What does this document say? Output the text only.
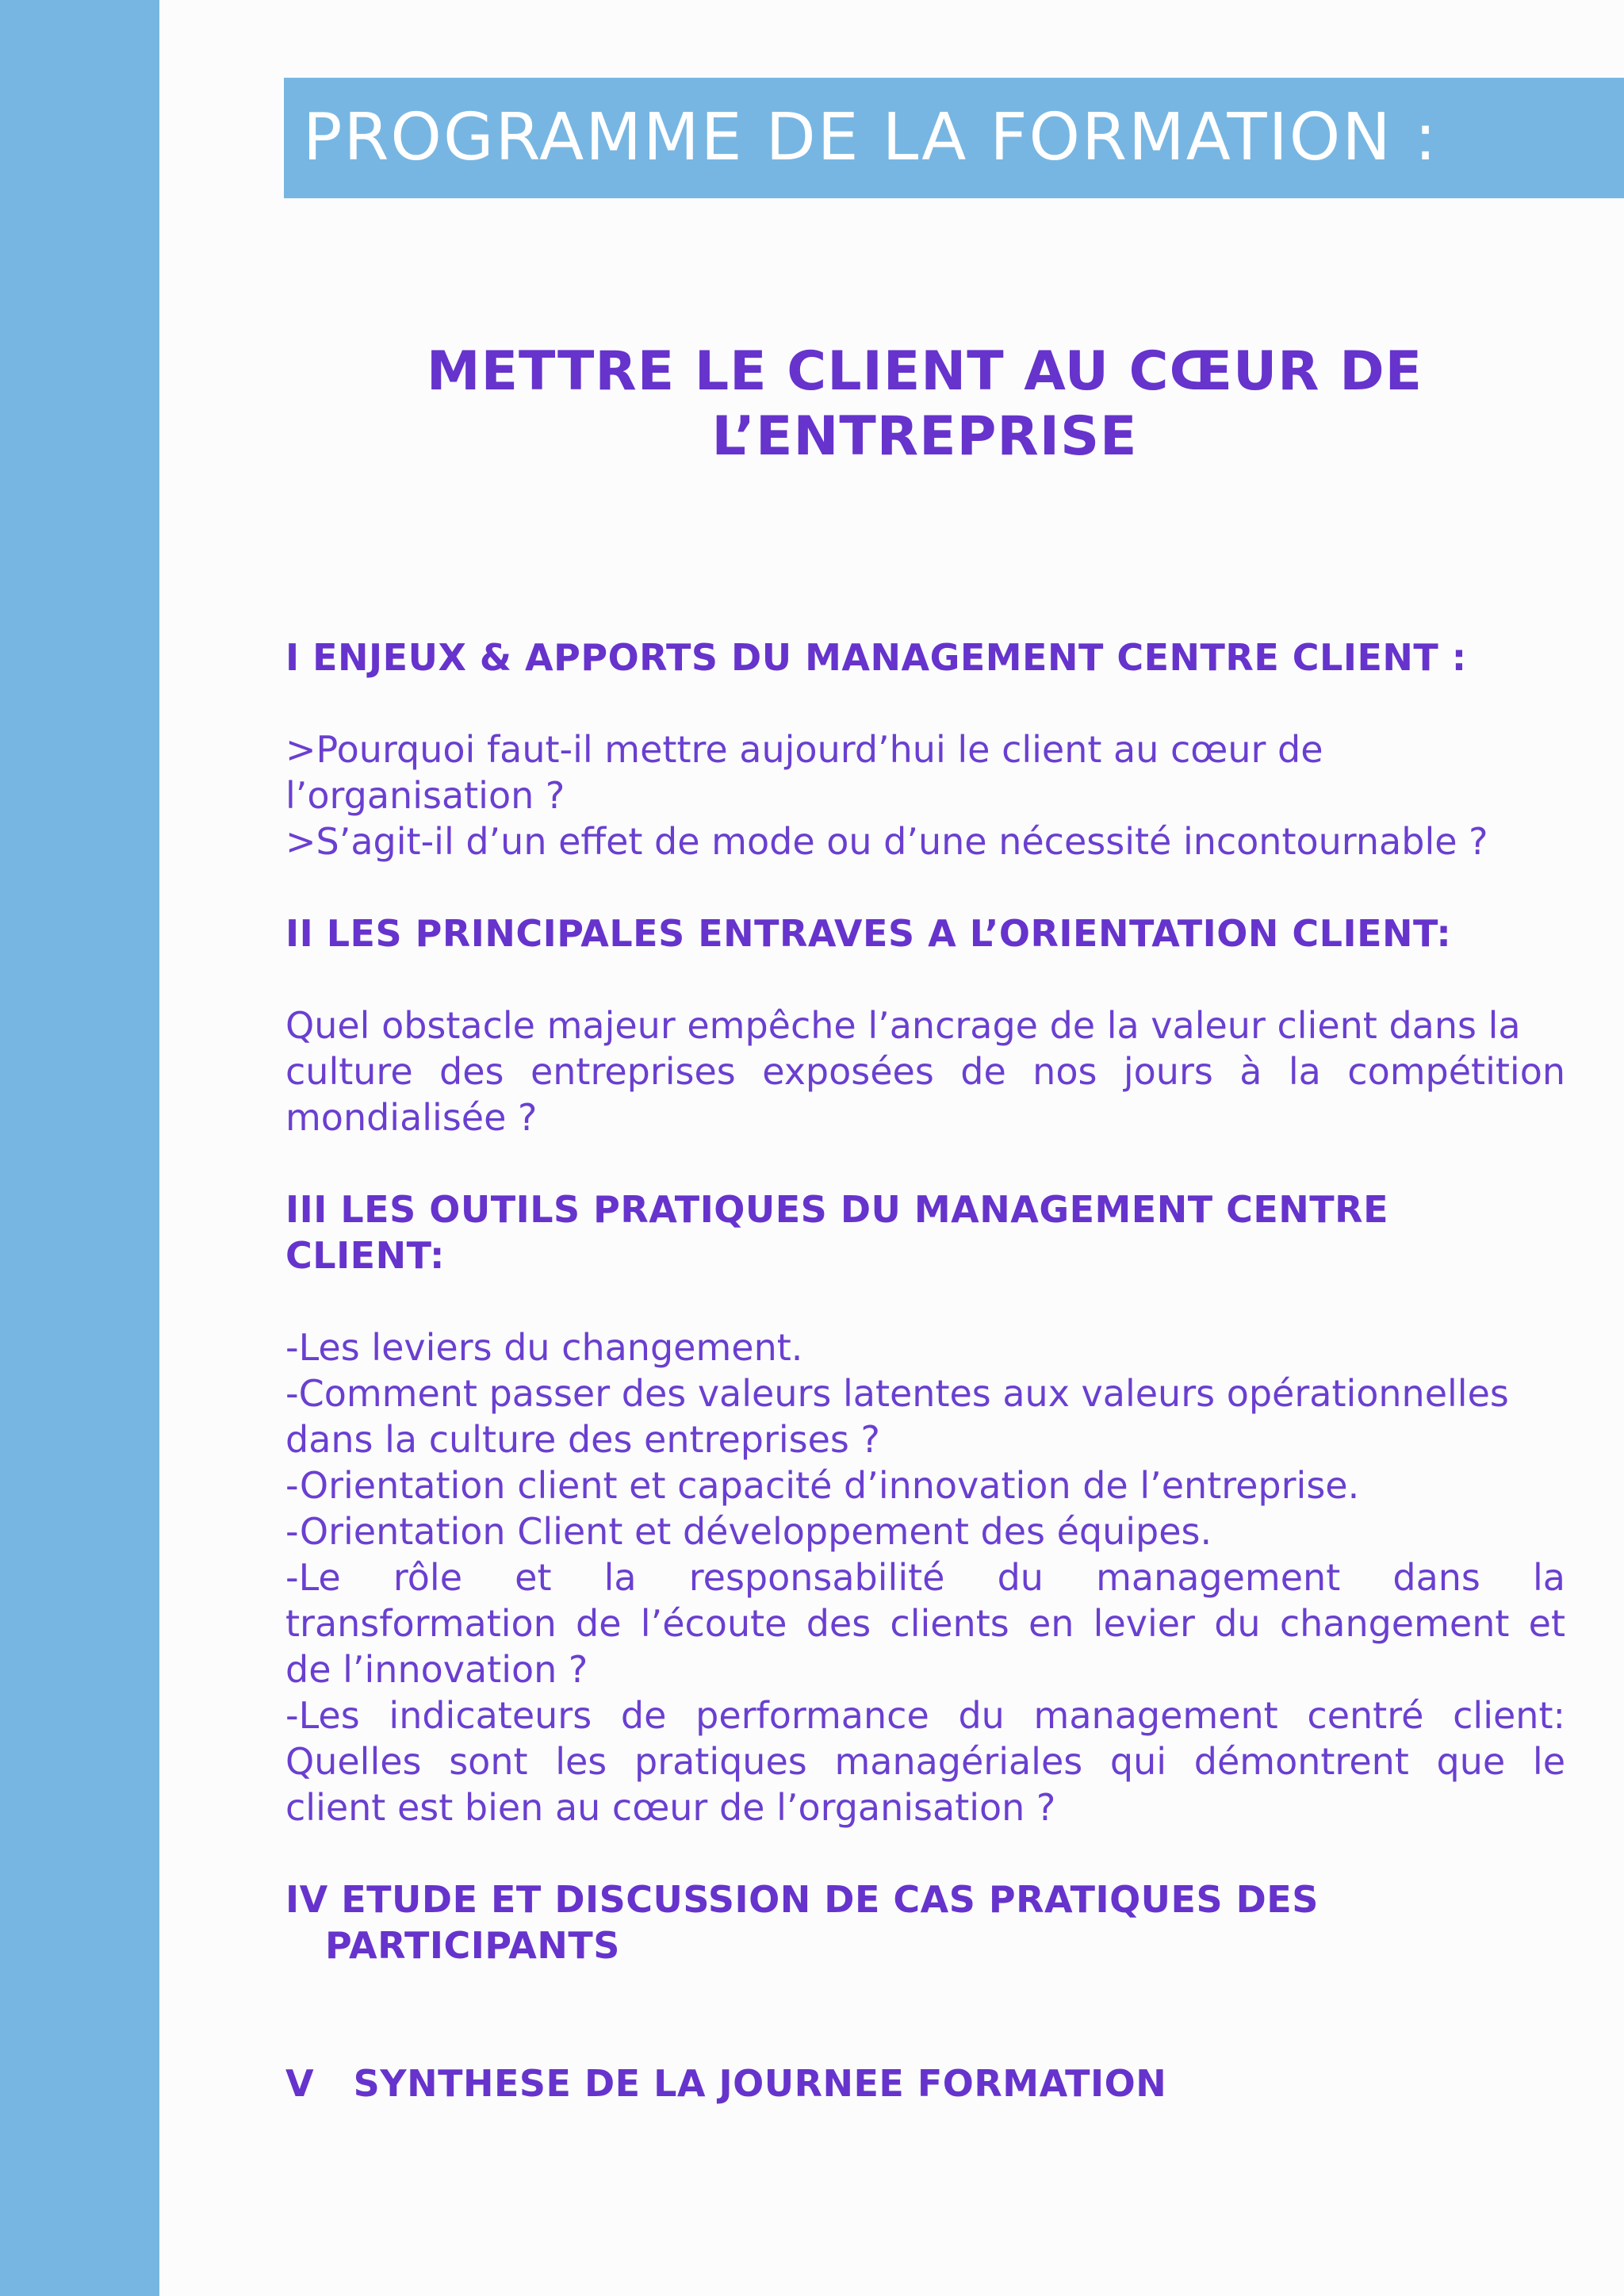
PROGRAMME DE LA FORMATION :
METTRE LE CLIENT AU CŒUR DE
L’ENTREPRISE
I ENJEUX & APPORTS DU MANAGEMENT CENTRE CLIENT :
>Pourquoi faut-il mettre aujourd’hui le client au cœur de
l’organisation ?
>S’agit-il d’un effet de mode ou d’une nécessité incontournable ?
II LES PRINCIPALES ENTRAVES A L’ORIENTATION CLIENT:
Quel obstacle majeur empêche l’ancrage de la valeur client dans la
culture des entreprises exposées de nos jours à la compétition
mondialisée ?
III LES OUTILS PRATIQUES DU MANAGEMENT CENTRE
CLIENT:
-Les leviers du changement.
-Comment passer des valeurs latentes aux valeurs opérationnelles
dans la culture des entreprises ?
-Orientation client et capacité d’innovation de l’entreprise.
-Orientation Client et développement des équipes.
-Le rôle et la responsabilité du management dans la
transformation de l’écoute des clients en levier du changement et
de l’innovation ?
-Les indicateurs de performance du management centré client:
Quelles sont les pratiques managériales qui démontrent que le
client est bien au cœur de l’organisation ?
IV ETUDE ET DISCUSSION DE CAS PRATIQUES DES
PARTICIPANTS
V   SYNTHESE DE LA JOURNEE FORMATION
